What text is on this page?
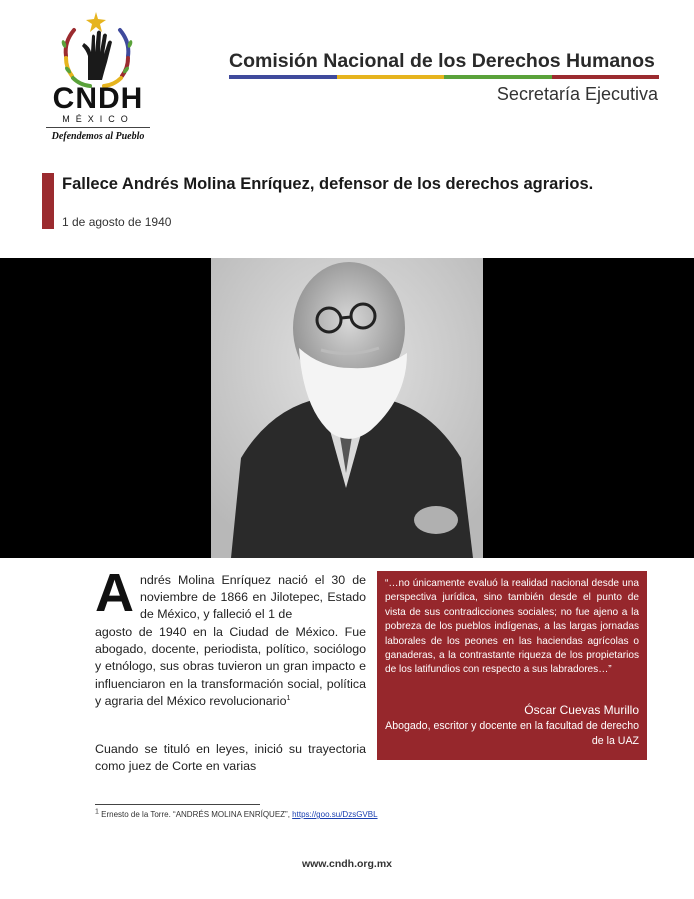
CNDH
MÉXICO
Defendemos al Pueblo
Comisión Nacional de los Derechos Humanos
Secretaría Ejecutiva
Fallece Andrés Molina Enríquez, defensor de los derechos agrarios.
1 de agosto de 1940
A ndrés Molina Enríquez nació el 30 de noviembre de 1866 en Jilotepec, Estado de México, y falleció el 1 de
agosto de 1940 en la Ciudad de México. Fue abogado, docente, periodista, político, sociólogo y etnólogo, sus obras tuvieron un gran impacto e influenciaron en la transformación social, política y agraria del México revolucionario$^1$
Cuando se tituló en leyes, inició su trayectoria como juez de Corte en varias
“…no únicamente evaluó la realidad nacional desde una perspectiva jurídica, sino también desde el punto de vista de sus contradicciones sociales; no fue ajeno a la pobreza de los pueblos indígenas, a las largas jornadas laborales de los peones en las haciendas agrícolas o ganaderas, a la contrastante riqueza de los propietarios de los latifundios con respecto a sus labradores…”
Óscar Cuevas Murillo
Abogado, escritor y docente en la facultad de derecho de la UAZ
1 Ernesto de la Torre. “ANDRÉS MOLINA ENRÍQUEZ”, https://goo.su/DzsGVBL
www.cndh.org.mx
